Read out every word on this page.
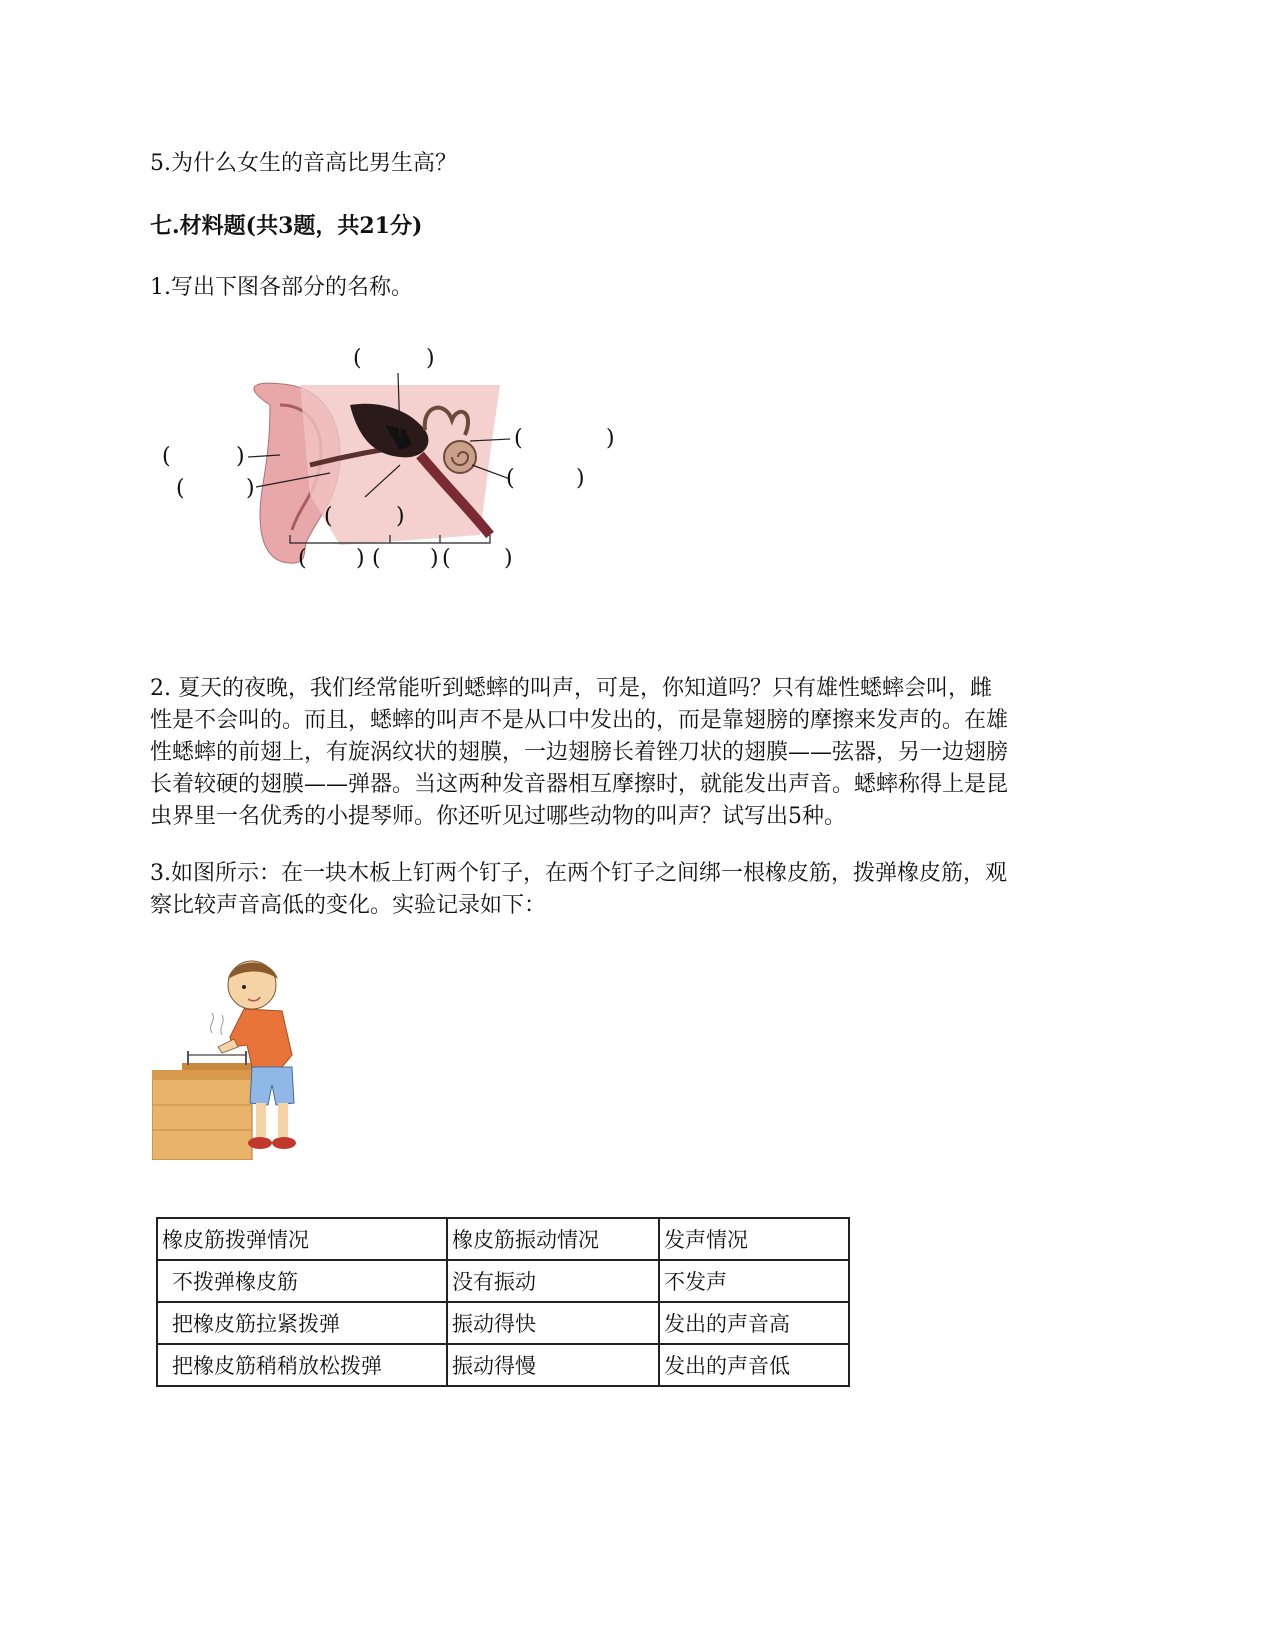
5.为什么女生的音高比男生高？
七.材料题(共3题，共21分)
1.写出下图各部分的名称。
(	)
(	)
(	)
(	)
(	)
(	)
( ) ( ) ( )
2. 夏天的夜晚，我们经常能听到蟋蟀的叫声，可是，你知道吗？只有雄性蟋蟀会叫，雌
性是不会叫的。而且，蟋蟀的叫声不是从口中发出的，而是靠翅膀的摩擦来发声的。在雄
性蟋蟀的前翅上，有旋涡纹状的翅膜，一边翅膀长着锉刀状的翅膜——弦器，另一边翅膀
长着较硬的翅膜——弹器。当这两种发音器相互摩擦时，就能发出声音。蟋蟀称得上是昆
虫界里一名优秀的小提琴师。你还听见过哪些动物的叫声？试写出5种。
3.如图所示：在一块木板上钉两个钉子，在两个钉子之间绑一根橡皮筋，拨弹橡皮筋，观
察比较声音高低的变化。实验记录如下：
橡皮筋拨弹情况	橡皮筋振动情况	发声情况
不拨弹橡皮筋	没有振动	不发声
把橡皮筋拉紧拨弹	振动得快	发出的声音高
把橡皮筋稍稍放松拨弹	振动得慢	发出的声音低
